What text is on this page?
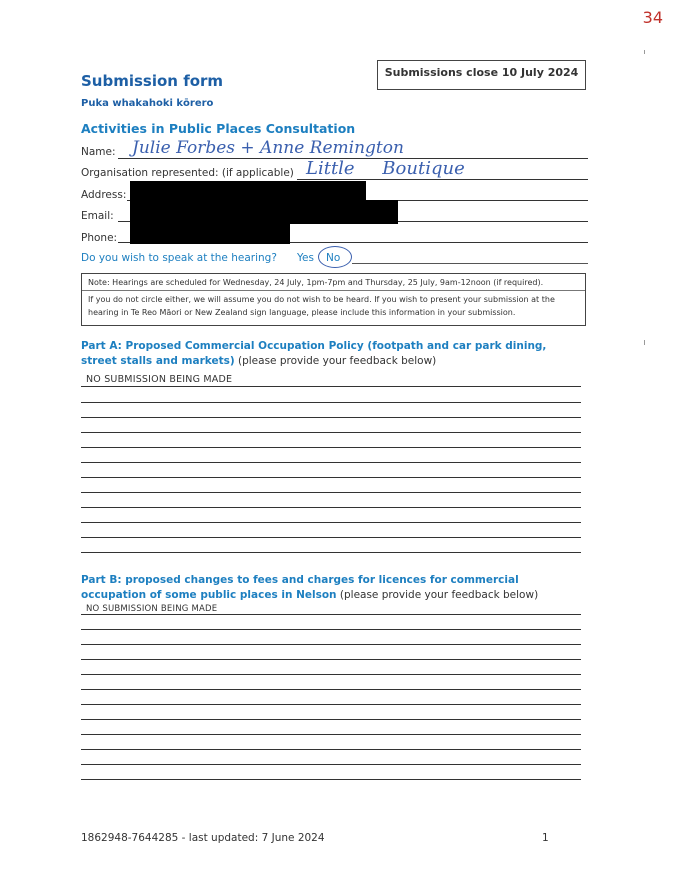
34
Submissions close 10 July 2024
Submission form
Puka whakahoki kōrero
Activities in Public Places Consultation
Name: Julie Forbes + Anne Remington
Organisation represented: (if applicable) Little Boutique
Address:
Email:
Phone:
Do you wish to speak at the hearing? Yes No
Note: Hearings are scheduled for Wednesday, 24 July, 1pm-7pm and Thursday, 25 July, 9am-12noon (if required).
If you do not circle either, we will assume you do not wish to be heard. If you wish to present your submission at the
hearing in Te Reo Māori or New Zealand sign language, please include this information in your submission.
Part A: Proposed Commercial Occupation Policy (footpath and car park dining, street stalls and markets) (please provide your feedback below)
NO SUBMISSION BEING MADE
Part B: proposed changes to fees and charges for licences for commercial occupation of some public places in Nelson (please provide your feedback below)
NO SUBMISSION BEING MADE
1862948-7644285 - last updated: 7 June 2024	1
